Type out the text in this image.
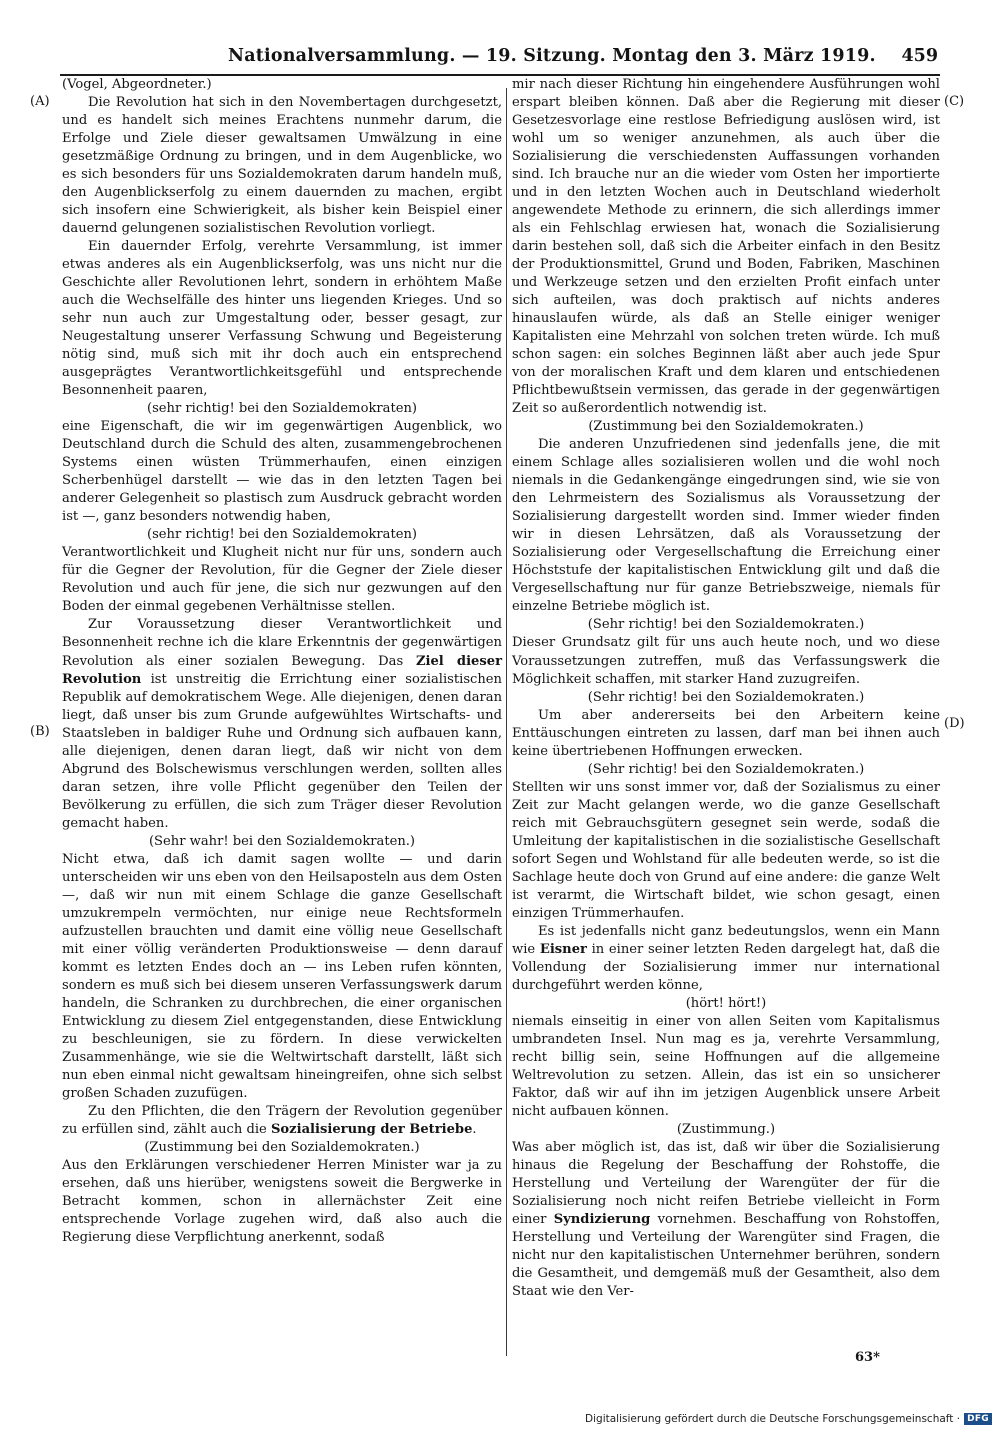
Nationalversammlung. — 19. Sitzung. Montag den 3. März 1919. 459
(A)
(B)
(C)
(D)

(Vogel, Abgeordneter.)

Die Revolution hat sich in den Novembertagen durchgesetzt, und es handelt sich meines Erachtens nunmehr darum, die Erfolge und Ziele dieser gewaltsamen Umwälzung in eine gesetzmäßige Ordnung zu bringen, und in dem Augenblicke, wo es sich besonders für uns Sozialdemokraten darum handeln muß, den Augenblickserfolg zu einem dauernden zu machen, ergibt sich insofern eine Schwierigkeit, als bisher kein Beispiel einer dauernd gelungenen sozialistischen Revolution vorliegt.

Ein dauernder Erfolg, verehrte Versammlung, ist immer etwas anderes als ein Augenblickserfolg, was uns nicht nur die Geschichte aller Revolutionen lehrt, sondern in erhöhtem Maße auch die Wechselfälle des hinter uns liegenden Krieges. Und so sehr nun auch zur Umgestaltung oder, besser gesagt, zur Neugestaltung unserer Verfassung Schwung und Begeisterung nötig sind, muß sich mit ihr doch auch ein entsprechend ausgeprägtes Verantwortlichkeitsgefühl und entsprechende Besonnenheit paaren,

(sehr richtig! bei den Sozialdemokraten)

eine Eigenschaft, die wir im gegenwärtigen Augenblick, wo Deutschland durch die Schuld des alten, zusammengebrochenen Systems einen wüsten Trümmerhaufen, einen einzigen Scherbenhügel darstellt — wie das in den letzten Tagen bei anderer Gelegenheit so plastisch zum Ausdruck gebracht worden ist —, ganz besonders notwendig haben,

(sehr richtig! bei den Sozialdemokraten)

Verantwortlichkeit und Klugheit nicht nur für uns, sondern auch für die Gegner der Revolution, für die Gegner der Ziele dieser Revolution und auch für jene, die sich nur gezwungen auf den Boden der einmal gegebenen Verhältnisse stellen.

Zur Voraussetzung dieser Verantwortlichkeit und Besonnenheit rechne ich die klare Erkenntnis der gegenwärtigen Revolution als einer sozialen Bewegung. Das Ziel dieser Revolution ist unstreitig die Errichtung einer sozialistischen Republik auf demokratischem Wege. Alle diejenigen, denen daran liegt, daß unser bis zum Grunde aufgewühltes Wirtschafts- und Staatsleben in baldiger Ruhe und Ordnung sich aufbauen kann, alle diejenigen, denen daran liegt, daß wir nicht von dem Abgrund des Bolschewismus verschlungen werden, sollten alles daran setzen, ihre volle Pflicht gegenüber den Teilen der Bevölkerung zu erfüllen, die sich zum Träger dieser Revolution gemacht haben.

(Sehr wahr! bei den Sozialdemokraten.)

Nicht etwa, daß ich damit sagen wollte — und darin unterscheiden wir uns eben von den Heilsaposteln aus dem Osten —, daß wir nun mit einem Schlage die ganze Gesellschaft umzukrempeln vermöchten, nur einige neue Rechtsformeln aufzustellen brauchten und damit eine völlig neue Gesellschaft mit einer völlig veränderten Produktionsweise — denn darauf kommt es letzten Endes doch an — ins Leben rufen könnten, sondern es muß sich bei diesem unseren Verfassungswerk darum handeln, die Schranken zu durchbrechen, die einer organischen Entwicklung zu diesem Ziel entgegenstanden, diese Entwicklung zu beschleunigen, sie zu fördern. In diese verwickelten Zusammenhänge, wie sie die Weltwirtschaft darstellt, läßt sich nun eben einmal nicht gewaltsam hineingreifen, ohne sich selbst großen Schaden zuzufügen.

Zu den Pflichten, die den Trägern der Revolution gegenüber zu erfüllen sind, zählt auch die Sozialisierung der Betriebe.

(Zustimmung bei den Sozialdemokraten.)

Aus den Erklärungen verschiedener Herren Minister war ja zu ersehen, daß uns hierüber, wenigstens soweit die Bergwerke in Betracht kommen, schon in allernächster Zeit eine entsprechende Vorlage zugehen wird, daß also auch die Regierung diese Verpflichtung anerkennt, sodaß

mir nach dieser Richtung hin eingehendere Ausführungen wohl erspart bleiben können. Daß aber die Regierung mit dieser Gesetzesvorlage eine restlose Befriedigung auslösen wird, ist wohl um so weniger anzunehmen, als auch über die Sozialisierung die verschiedensten Auffassungen vorhanden sind. Ich brauche nur an die wieder vom Osten her importierte und in den letzten Wochen auch in Deutschland wiederholt angewendete Methode zu erinnern, die sich allerdings immer als ein Fehlschlag erwiesen hat, wonach die Sozialisierung darin bestehen soll, daß sich die Arbeiter einfach in den Besitz der Produktionsmittel, Grund und Boden, Fabriken, Maschinen und Werkzeuge setzen und den erzielten Profit einfach unter sich aufteilen, was doch praktisch auf nichts anderes hinauslaufen würde, als daß an Stelle einiger weniger Kapitalisten eine Mehrzahl von solchen treten würde. Ich muß schon sagen: ein solches Beginnen läßt aber auch jede Spur von der moralischen Kraft und dem klaren und entschiedenen Pflichtbewußtsein vermissen, das gerade in der gegenwärtigen Zeit so außerordentlich notwendig ist.

(Zustimmung bei den Sozialdemokraten.)

Die anderen Unzufriedenen sind jedenfalls jene, die mit einem Schlage alles sozialisieren wollen und die wohl noch niemals in die Gedankengänge eingedrungen sind, wie sie von den Lehrmeistern des Sozialismus als Voraussetzung der Sozialisierung dargestellt worden sind. Immer wieder finden wir in diesen Lehrsätzen, daß als Voraussetzung der Sozialisierung oder Vergesellschaftung die Erreichung einer Höchststufe der kapitalistischen Entwicklung gilt und daß die Vergesellschaftung nur für ganze Betriebszweige, niemals für einzelne Betriebe möglich ist.

(Sehr richtig! bei den Sozialdemokraten.)

Dieser Grundsatz gilt für uns auch heute noch, und wo diese Voraussetzungen zutreffen, muß das Verfassungswerk die Möglichkeit schaffen, mit starker Hand zuzugreifen.

(Sehr richtig! bei den Sozialdemokraten.)

Um aber andererseits bei den Arbeitern keine Enttäuschungen eintreten zu lassen, darf man bei ihnen auch keine übertriebenen Hoffnungen erwecken.

(Sehr richtig! bei den Sozialdemokraten.)

Stellten wir uns sonst immer vor, daß der Sozialismus zu einer Zeit zur Macht gelangen werde, wo die ganze Gesellschaft reich mit Gebrauchsgütern gesegnet sein werde, sodaß die Umleitung der kapitalistischen in die sozialistische Gesellschaft sofort Segen und Wohlstand für alle bedeuten werde, so ist die Sachlage heute doch von Grund auf eine andere: die ganze Welt ist verarmt, die Wirtschaft bildet, wie schon gesagt, einen einzigen Trümmerhaufen.

Es ist jedenfalls nicht ganz bedeutungslos, wenn ein Mann wie Eisner in einer seiner letzten Reden dargelegt hat, daß die Vollendung der Sozialisierung immer nur international durchgeführt werden könne,

(hört! hört!)

niemals einseitig in einer von allen Seiten vom Kapitalismus umbrandeten Insel. Nun mag es ja, verehrte Versammlung, recht billig sein, seine Hoffnungen auf die allgemeine Weltrevolution zu setzen. Allein, das ist ein so unsicherer Faktor, daß wir auf ihn im jetzigen Augenblick unsere Arbeit nicht aufbauen können.

(Zustimmung.)

Was aber möglich ist, das ist, daß wir über die Sozialisierung hinaus die Regelung der Beschaffung der Rohstoffe, die Herstellung und Verteilung der Warengüter der für die Sozialisierung noch nicht reifen Betriebe vielleicht in Form einer Syndizierung vornehmen. Beschaffung von Rohstoffen, Herstellung und Verteilung der Warengüter sind Fragen, die nicht nur den kapitalistischen Unternehmer berühren, sondern die Gesamtheit, und demgemäß muß der Gesamtheit, also dem Staat wie den Ver-

63*
Digitalisierung gefördert durch die Deutsche Forschungsgemeinschaft · DFG
